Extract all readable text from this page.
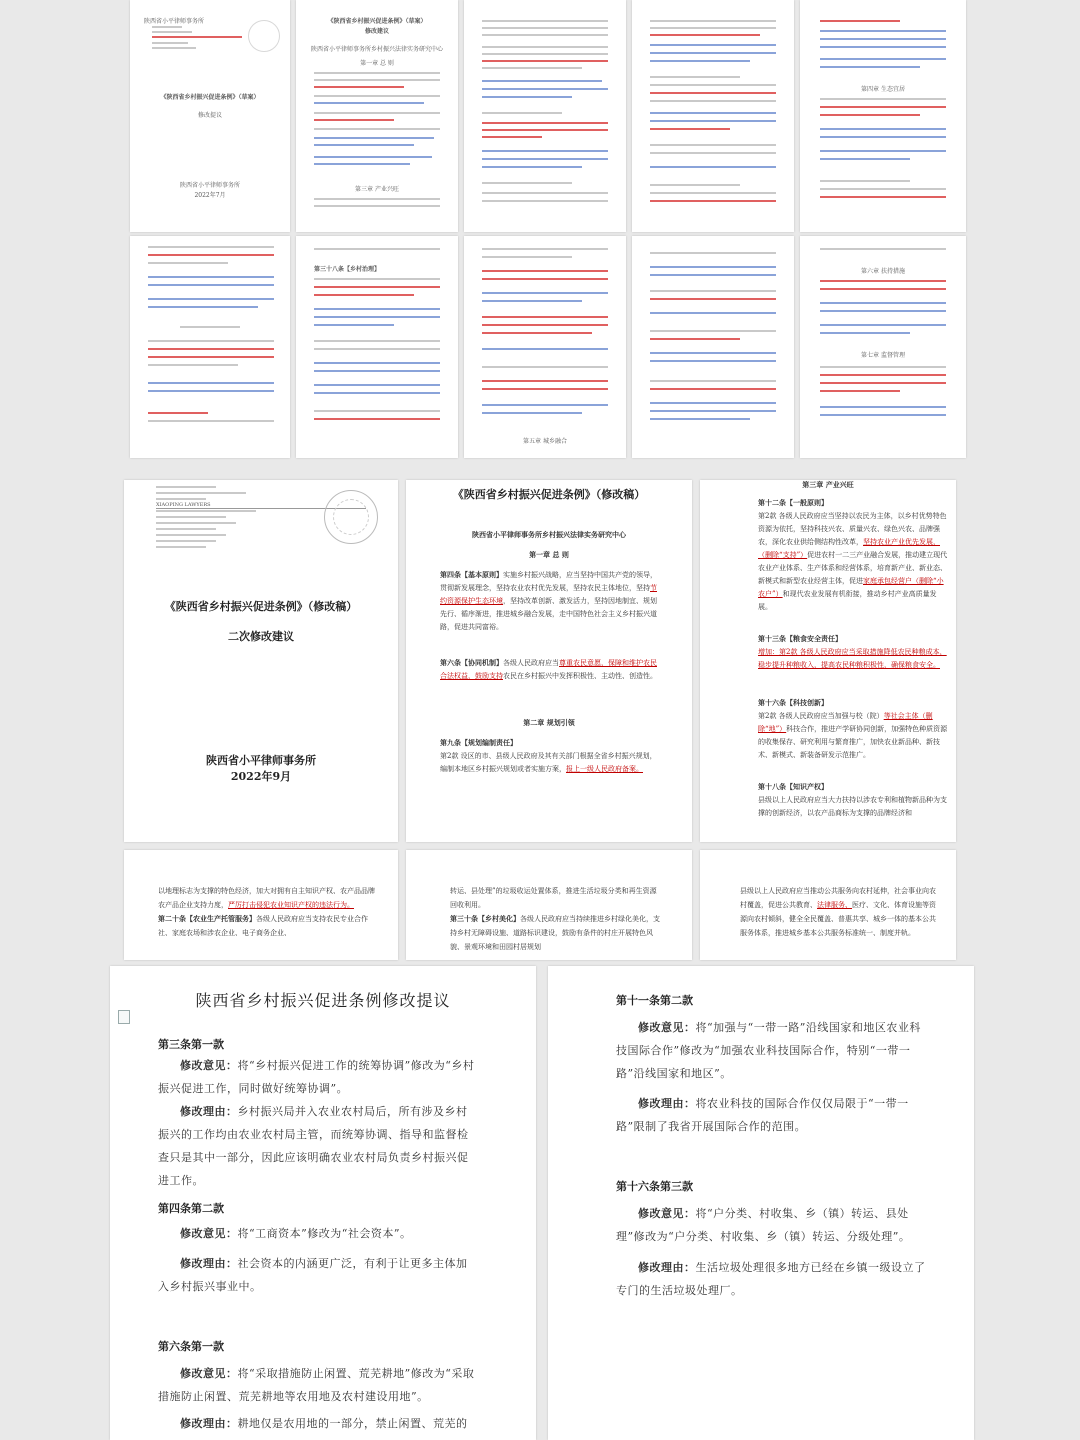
陕西省小平律师事务所
《陕西省乡村振兴促进条例》（草案）
修改提议
陕西省小平律师事务所
2022年7月
《陕西省乡村振兴促进条例》（草案）
修改建议
陕西省小平律师事务所乡村振兴法律实务研究中心
第一章 总 则
第三章 产业兴旺
第四章 生态宜居
第三十八条【乡村治理】
第五章 城乡融合
第六章 扶持措施
第七章 监督管理
XIAOPING LAWYERS
《陕西省乡村振兴促进条例》（修改稿）
二次修改建议
陕西省小平律师事务所
2022年9月
《陕西省乡村振兴促进条例》（修改稿）
陕西省小平律师事务所乡村振兴法律实务研究中心
第一章 总 则
第四条【基本原则】实施乡村振兴战略，应当坚持中国共产党的领导，贯彻新发展理念，坚持农业农村优先发展，坚持农民主体地位，坚持节约资源保护生态环境，坚持改革创新、激发活力，坚持因地制宜、规划先行、循序渐进，推进城乡融合发展，走中国特色社会主义乡村振兴道路，促进共同富裕。
第六条【协同机制】各级人民政府应当尊重农民意愿，保障和维护农民合法权益，鼓励支持农民在乡村振兴中发挥积极性、主动性、创造性。
第二章 规划引领
第九条【规划编制责任】
第2款 设区的市、县级人民政府及其有关部门根据全省乡村振兴规划，编制本地区乡村振兴规划或者实施方案，报上一级人民政府备案。
第三章 产业兴旺
第十二条【一般原则】
第2款 各级人民政府应当坚持以农民为主体，以乡村优势特色资源为依托，坚持科技兴农、质量兴农、绿色兴农、品牌强农，深化农业供给侧结构性改革，坚持农业产业优先发展，（删除“支持”）促进农村一二三产业融合发展，推动建立现代农业产业体系、生产体系和经营体系，培育新产业、新业态、新模式和新型农业经营主体，促进家庭承包经营户（删除“小农户”）和现代农业发展有机衔接，推动乡村产业高质量发展。
第十三条【粮食安全责任】
增加：第2款 各级人民政府应当采取措施降低农民种粮成本，稳步提升种粮收入，提高农民种粮积极性，确保粮食安全。
第十六条【科技创新】
第2款 各级人民政府应当加强与校（院）等社会主体（删除“地”）科技合作，推进产学研协同创新，加强特色种质资源的收集保存、研究利用与繁育推广，加快农业新品种、新技术、新模式、新装备研发示范推广。
第十八条【知识产权】
县级以上人民政府应当大力扶持以涉农专利和植物新品种为支撑的创新经济，以农产品商标为支撑的品牌经济和
以地理标志为支撑的特色经济，加大对拥有自主知识产权、农产品品牌农产品企业支持力度，严厉打击侵犯农业知识产权的违法行为。
第二十条【农业生产托管服务】各级人民政府应当支持农民专业合作社、家庭农场和涉农企业、电子商务企业、
转运、县处理”的垃圾收运处置体系，推进生活垃圾分类和再生资源回收利用。
第三十条【乡村美化】各级人民政府应当持续推进乡村绿化美化，支持乡村无障碍设施、道路标识建设，鼓励有条件的村庄开展特色风貌、景观环境和田园村居规划
县级以上人民政府应当推动公共服务向农村延伸，社会事业向农村覆盖，促进公共教育、法律服务、医疗、文化、体育设施等资源向农村倾斜，健全全民覆盖、普惠共享、城乡一体的基本公共服务体系，推进城乡基本公共服务标准统一、制度并轨。
陕西省乡村振兴促进条例修改提议
第三条第一款
修改意见：将“乡村振兴促进工作的统筹协调”修改为“乡村振兴促进工作，同时做好统筹协调”。
修改理由：乡村振兴局并入农业农村局后，所有涉及乡村振兴的工作均由农业农村局主管，而统筹协调、指导和监督检查只是其中一部分，因此应该明确农业农村局负责乡村振兴促进工作。
第四条第二款
修改意见：将“工商资本”修改为“社会资本”。
修改理由：社会资本的内涵更广泛，有利于让更多主体加入乡村振兴事业中。
第六条第一款
修改意见：将“采取措施防止闲置、荒芜耕地”修改为“采取措施防止闲置、荒芜耕地等农用地及农村建设用地”。
修改理由：耕地仅是农用地的一部分，禁止闲置、荒芜的
第十一条第二款
修改意见：将“加强与“一带一路”沿线国家和地区农业科技国际合作”修改为“加强农业科技国际合作，特别“一带一路”沿线国家和地区”。
修改理由：将农业科技的国际合作仅仅局限于“一带一路”限制了我省开展国际合作的范围。
第十六条第三款
修改意见：将“户分类、村收集、乡（镇）转运、县处理”修改为“户分类、村收集、乡（镇）转运、分级处理”。
修改理由：生活垃圾处理很多地方已经在乡镇一级设立了专门的生活垃圾处理厂。
